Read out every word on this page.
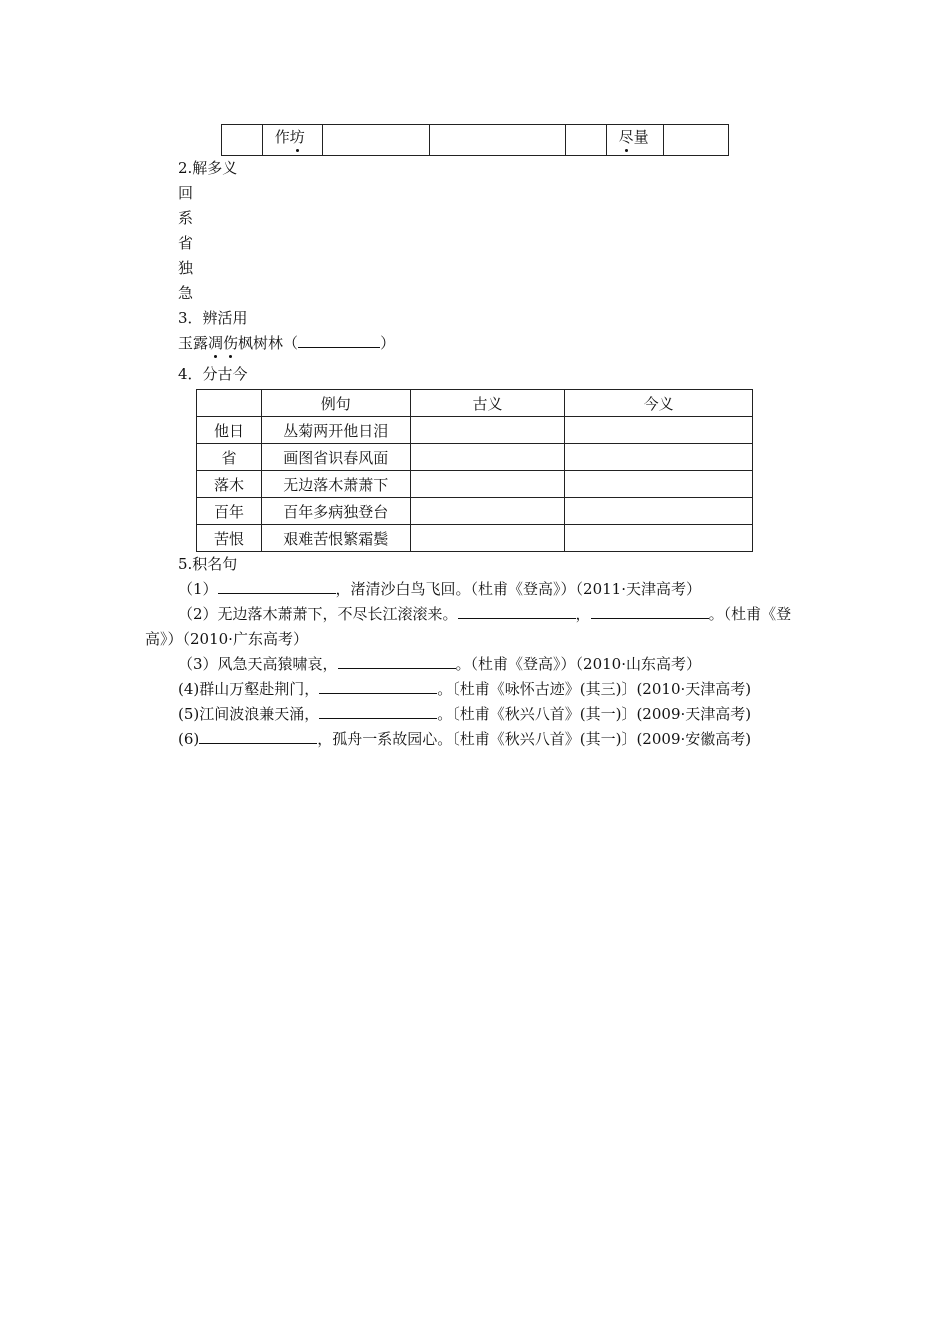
	作坊				尽量	
2.解多义
回
系
省
独
急
3．辨活用
玉露凋伤枫树林（	）
4．分古今
	例句	古义	今义
他日	丛菊两开他日泪		
省	画图省识春风面		
落木	无边落木萧萧下		
百年	百年多病独登台		
苦恨	艰难苦恨繁霜鬓		
5.积名句
（1）	，渚清沙白鸟飞回。（杜甫《登高》）（2011·天津高考）
（2）无边落木萧萧下，不尽长江滚滚来。	，	。（杜甫《登
高》）（2010·广东高考）
（3）风急天高猿啸哀，	。（杜甫《登高》）（2010·山东高考）
(4)群山万壑赴荆门，	。〔杜甫《咏怀古迹》(其三)〕(2010·天津高考)
(5)江间波浪兼天涌，	。〔杜甫《秋兴八首》(其一)〕(2009·天津高考)
(6)	，孤舟一系故园心。〔杜甫《秋兴八首》(其一)〕(2009·安徽高考)
